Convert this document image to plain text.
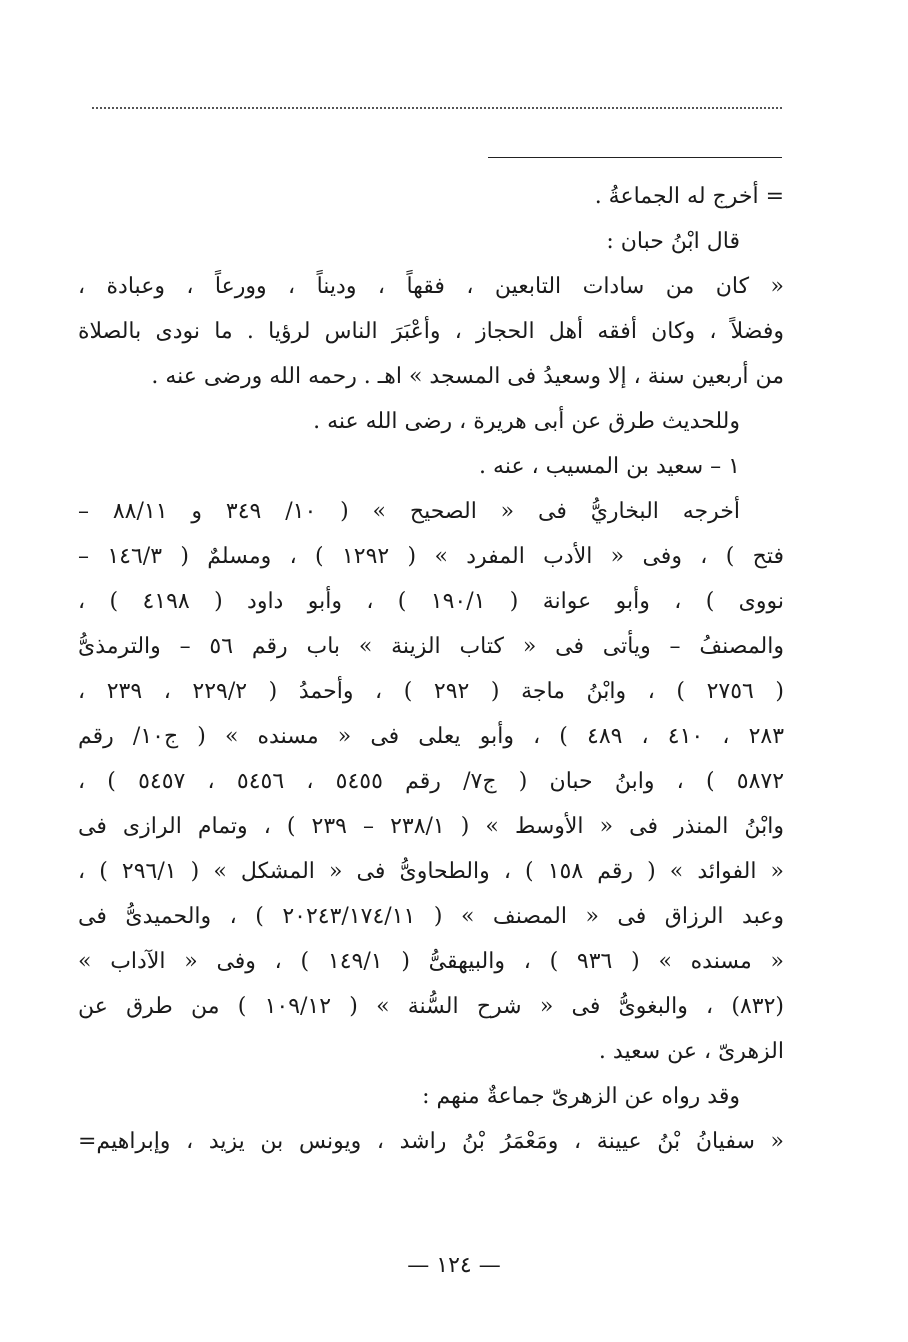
= أخرج له الجماعةُ .
قال ابْنُ حبان :
« كان من سادات التابعين ، فقهاً ، وديناً ، وورعاً ، وعبادة ،
وفضلاً ، وكان أفقه أهل الحجاز ، وأعْبَرَ الناس لرؤيا . ما نودى بالصلاة
من أربعين سنة ، إلا وسعيدُ فى المسجد » اهـ . رحمه الله ورضى عنه .
وللحديث طرق عن أبى هريرة ، رضى الله عنه .
١ – سعيد بن المسيب ، عنه .
أخرجه البخاريُّ فى « الصحيح » ( ١٠/ ٣٤٩ و ٨٨/١١ –
فتح ) ، وفى « الأدب المفرد » ( ١٢٩٢ ) ، ومسلمٌ ( ١٤٦/٣ –
نووى ) ، وأبو عوانة ( ١٩٠/١ ) ، وأبو داود ( ٤١٩٨ ) ،
والمصنفُ – ويأتى فى « كتاب الزينة » باب رقم ٥٦ – والترمذىُّ
( ٢٧٥٦ ) ، وابْنُ ماجة ( ٢٩٢ ) ، وأحمدُ ( ٢٢٩/٢ ، ٢٣٩ ،
٢٨٣ ، ٤١٠ ، ٤٨٩ ) ، وأبو يعلى فى « مسنده » ( ج١٠/ رقم
٥٨٧٢ ) ، وابنُ حبان ( ج٧/ رقم ٥٤٥٥ ، ٥٤٥٦ ، ٥٤٥٧ ) ،
وابْنُ المنذر فى « الأوسط » ( ٢٣٨/١ – ٢٣٩ ) ، وتمام الرازى فى
« الفوائد » ( رقم ١٥٨ ) ، والطحاوىُّ فى « المشكل » ( ٢٩٦/١ ) ،
وعبد الرزاق فى « المصنف » ( ٢٠٢٤٣/١٧٤/١١ ) ، والحميدىُّ فى
« مسنده » ( ٩٣٦ ) ، والبيهقىُّ ( ١٤٩/١ ) ، وفى « الآداب »
(٨٣٢) ، والبغوىُّ فى « شرح السُّنة » ( ١٠٩/١٢ ) من طرق عن
الزهرىّ ، عن سعيد .
وقد رواه عن الزهرىّ جماعةٌ منهم :
« سفيانُ بْنُ عيينة ، ومَعْمَرُ بْنُ راشد ، ويونس بن يزيد ، وإبراهيم=
— ١٢٤ —
